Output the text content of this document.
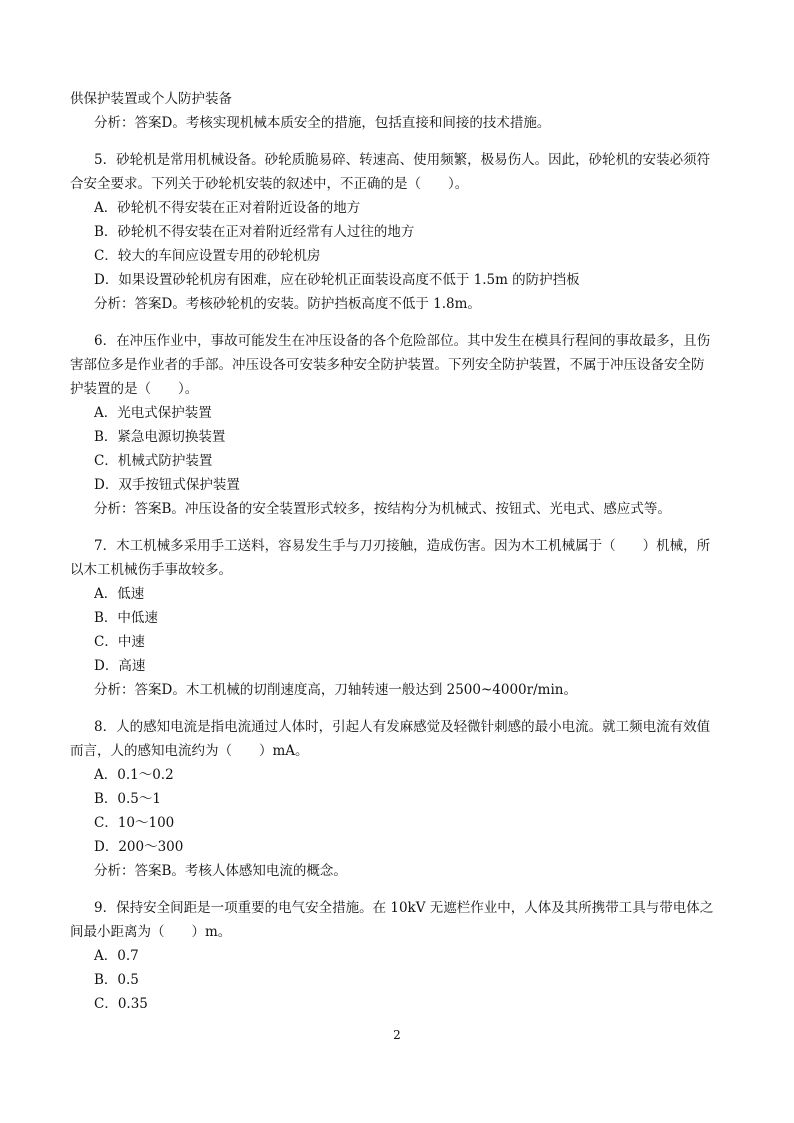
供保护装置或个人防护装备
分析：答案D。考核实现机械本质安全的措施，包括直接和间接的技术措施。
5．砂轮机是常用机械设备。砂轮质脆易碎、转速高、使用频繁，极易伤人。因此，砂轮机的安装必须符
合安全要求。下列关于砂轮机安装的叙述中，不正确的是（　　）。
A．砂轮机不得安装在正对着附近设备的地方
B．砂轮机不得安装在正对着附近经常有人过往的地方
C．较大的车间应设置专用的砂轮机房
D．如果设置砂轮机房有困难，应在砂轮机正面装设高度不低于 1.5m 的防护挡板
分析：答案D。考核砂轮机的安装。防护挡板高度不低于 1.8m。
6．在冲压作业中，事故可能发生在冲压设备的各个危险部位。其中发生在模具行程间的事故最多，且伤
害部位多是作业者的手部。冲压设各可安装多种安全防护装置。下列安全防护装置，不属于冲压设备安全防
护装置的是（　　）。
A．光电式保护装置
B．紧急电源切换装置
C．机械式防护装置
D．双手按钮式保护装置
分析：答案B。冲压设备的安全装置形式较多，按结构分为机械式、按钮式、光电式、感应式等。
7．木工机械多采用手工送料，容易发生手与刀刃接触，造成伤害。因为木工机械属于（　　）机械，所
以木工机械伤手事故较多。
A．低速
B．中低速
C．中速
D．高速
分析：答案D。木工机械的切削速度高，刀轴转速一般达到 2500~4000r/min。
8．人的感知电流是指电流通过人体时，引起人有发麻感觉及轻微针刺感的最小电流。就工频电流有效值
而言，人的感知电流约为（　　）mA。
A．0.1～0.2
B．0.5～1
C．10～100
D．200～300
分析：答案B。考核人体感知电流的概念。
9．保持安全间距是一项重要的电气安全措施。在 10kV 无遮栏作业中，人体及其所携带工具与带电体之
间最小距离为（　　）m。
A．0.7
B．0.5
C．0.35
2
